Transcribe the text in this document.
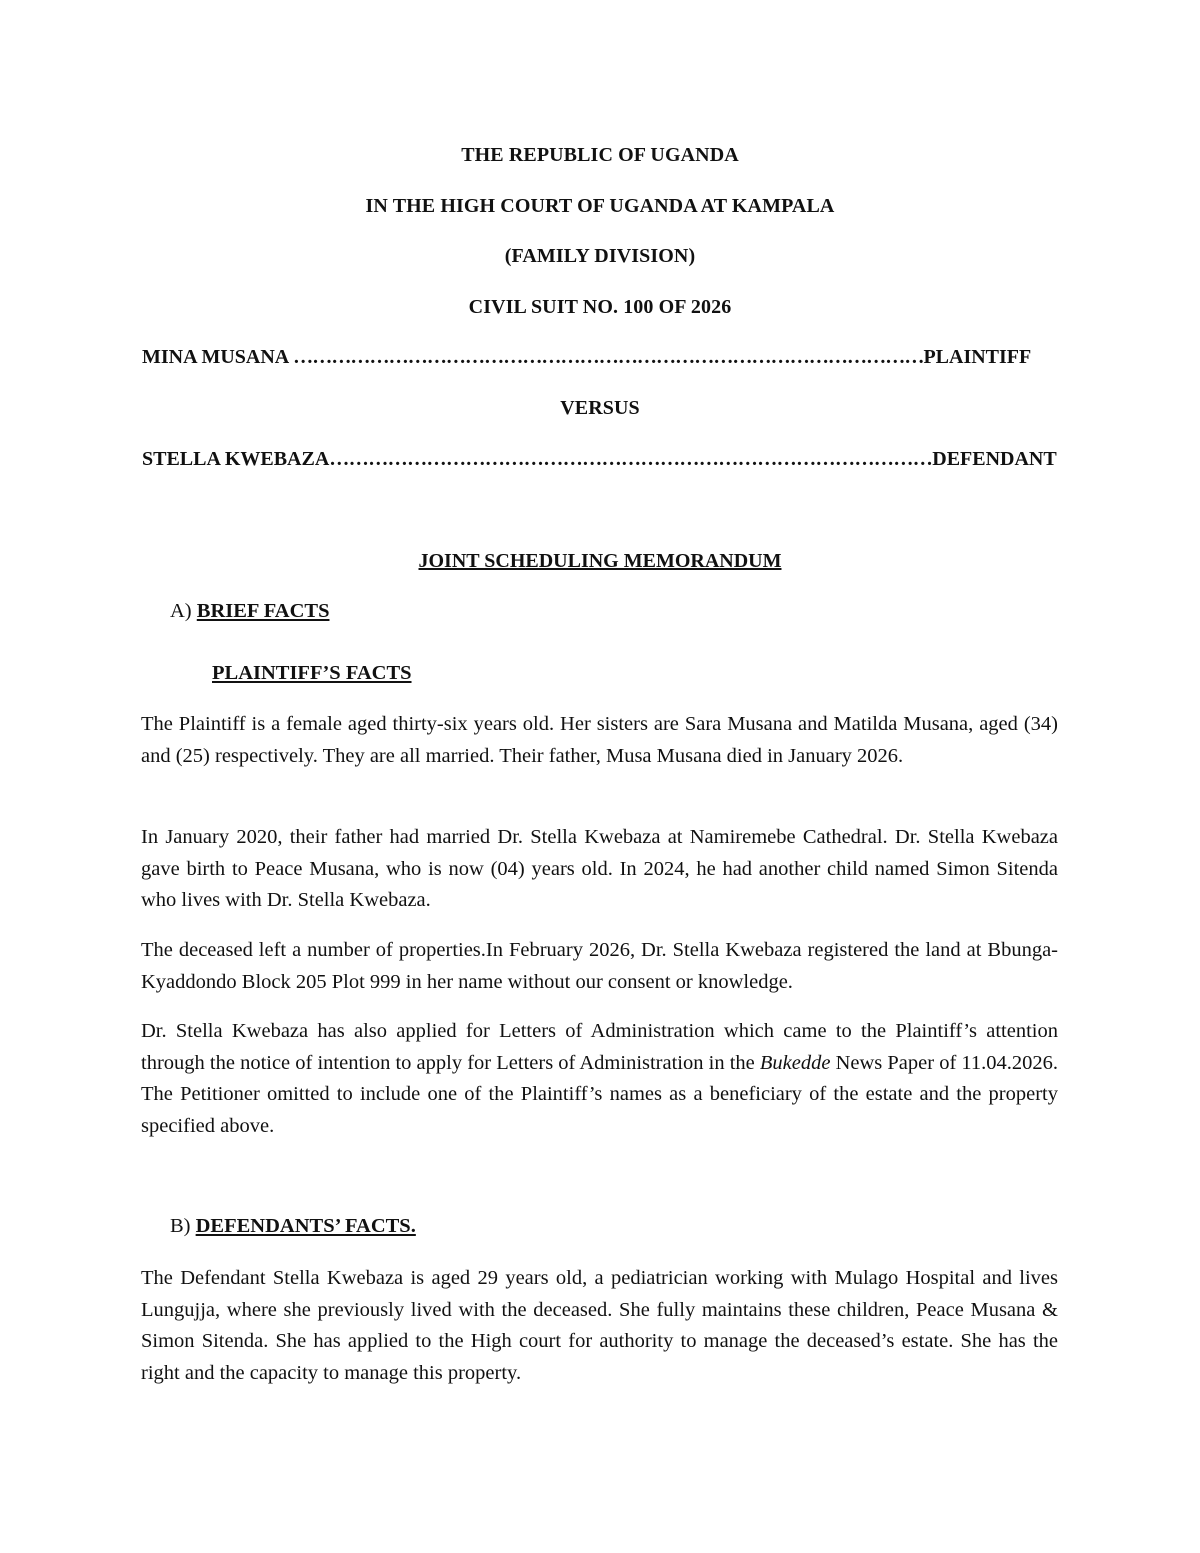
THE REPUBLIC OF UGANDA
IN THE HIGH COURT OF UGANDA AT KAMPALA
(FAMILY DIVISION)
CIVIL SUIT NO. 100 OF 2026
MINA MUSANA ………………………………………………………………………………………PLAINTIFF
VERSUS
STELLA KWEBAZA…………………………………………………………………………………DEFENDANT
JOINT SCHEDULING MEMORANDUM
A) BRIEF FACTS
PLAINTIFF’S FACTS
The Plaintiff is a female aged thirty-six years old. Her sisters are Sara Musana and Matilda Musana, aged (34) and (25) respectively. They are all married. Their father, Musa Musana died in January 2026.
In January 2020, their father had married Dr. Stella Kwebaza at Namiremebe Cathedral. Dr. Stella Kwebaza gave birth to Peace Musana, who is now (04) years old. In 2024, he had another child named Simon Sitenda who lives with Dr. Stella Kwebaza.
The deceased left a number of properties.In February 2026, Dr. Stella Kwebaza registered the land at Bbunga- Kyaddondo Block 205 Plot 999 in her name without our consent or knowledge.
Dr. Stella Kwebaza has also applied for Letters of Administration which came to the Plaintiff’s attention through the notice of intention to apply for Letters of Administration in the Bukedde News Paper of 11.04.2026. The Petitioner omitted to include one of the Plaintiff’s names as a beneficiary of the estate and the property specified above.
B) DEFENDANTS’ FACTS.
The Defendant Stella Kwebaza is aged 29 years old, a pediatrician working with Mulago Hospital and lives Lungujja, where she previously lived with the deceased. She fully maintains these children, Peace Musana & Simon Sitenda. She has applied to the High court for authority to manage the deceased’s estate. She has the right and the capacity to manage this property.
